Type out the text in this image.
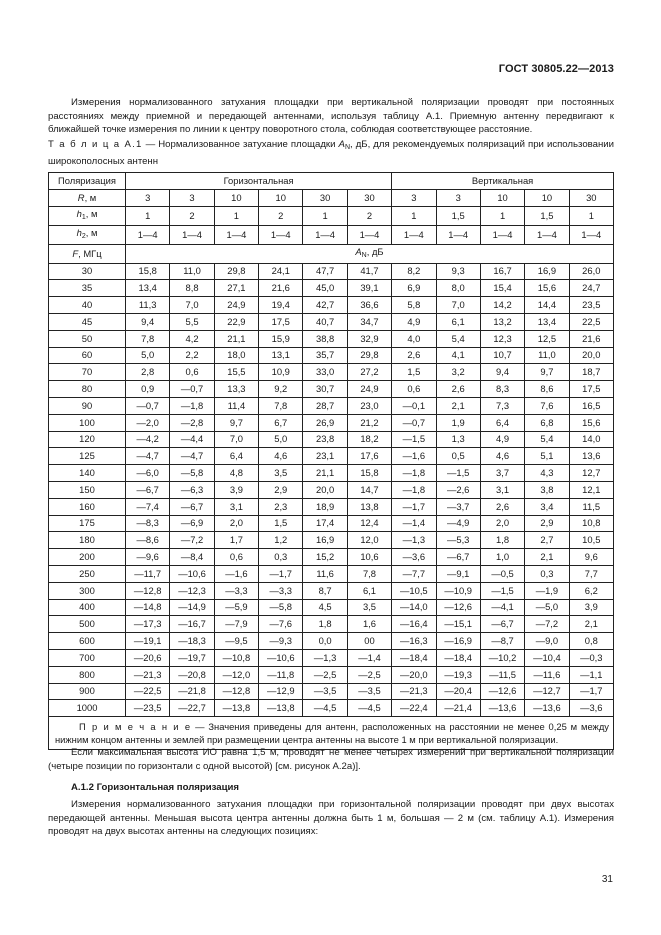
ГОСТ 30805.22—2013
Измерения нормализованного затухания площадки при вертикальной поляризации проводят при постоянных расстояниях между приемной и передающей антеннами, используя таблицу А.1. Приемную антенну передвигают к ближайшей точке измерения по линии к центру поворотного стола, соблюдая соответствующее расстояние.
Т а б л и ц а А.1 — Нормализованное затухание площадки $A_N$, дБ, для рекомендуемых поляризаций при использовании широкополосных антенн
Поляризация	Горизонтальная						Вертикальная				
R, м	3	3	10	10	30	30	3	3	10	10	30
$h_1$, м	1	2	1	2	1	2	1	1,5	1	1,5	1
$h_2$, м	1—4	1—4	1—4	1—4	1—4	1—4	1—4	1—4	1—4	1—4	1—4
F, МГц	$A_N$, дБ										
30	15,8	11,0	29,8	24,1	47,7	41,7	8,2	9,3	16,7	16,9	26,0
35	13,4	8,8	27,1	21,6	45,0	39,1	6,9	8,0	15,4	15,6	24,7
40	11,3	7,0	24,9	19,4	42,7	36,6	5,8	7,0	14,2	14,4	23,5
45	9,4	5,5	22,9	17,5	40,7	34,7	4,9	6,1	13,2	13,4	22,5
50	7,8	4,2	21,1	15,9	38,8	32,9	4,0	5,4	12,3	12,5	21,6
60	5,0	2,2	18,0	13,1	35,7	29,8	2,6	4,1	10,7	11,0	20,0
70	2,8	0,6	15,5	10,9	33,0	27,2	1,5	3,2	9,4	9,7	18,7
80	0,9	—0,7	13,3	9,2	30,7	24,9	0,6	2,6	8,3	8,6	17,5
90	—0,7	—1,8	11,4	7,8	28,7	23,0	—0,1	2,1	7,3	7,6	16,5
100	—2,0	—2,8	9,7	6,7	26,9	21,2	—0,7	1,9	6,4	6,8	15,6
120	—4,2	—4,4	7,0	5,0	23,8	18,2	—1,5	1,3	4,9	5,4	14,0
125	—4,7	—4,7	6,4	4,6	23,1	17,6	—1,6	0,5	4,6	5,1	13,6
140	—6,0	—5,8	4,8	3,5	21,1	15,8	—1,8	—1,5	3,7	4,3	12,7
150	—6,7	—6,3	3,9	2,9	20,0	14,7	—1,8	—2,6	3,1	3,8	12,1
160	—7,4	—6,7	3,1	2,3	18,9	13,8	—1,7	—3,7	2,6	3,4	11,5
175	—8,3	—6,9	2,0	1,5	17,4	12,4	—1,4	—4,9	2,0	2,9	10,8
180	—8,6	—7,2	1,7	1,2	16,9	12,0	—1,3	—5,3	1,8	2,7	10,5
200	—9,6	—8,4	0,6	0,3	15,2	10,6	—3,6	—6,7	1,0	2,1	9,6
250	—11,7	—10,6	—1,6	—1,7	11,6	7,8	—7,7	—9,1	—0,5	0,3	7,7
300	—12,8	—12,3	—3,3	—3,3	8,7	6,1	—10,5	—10,9	—1,5	—1,9	6,2
400	—14,8	—14,9	—5,9	—5,8	4,5	3,5	—14,0	—12,6	—4,1	—5,0	3,9
500	—17,3	—16,7	—7,9	—7,6	1,8	1,6	—16,4	—15,1	—6,7	—7,2	2,1
600	—19,1	—18,3	—9,5	—9,3	0,0	00	—16,3	—16,9	—8,7	—9,0	0,8
700	—20,6	—19,7	—10,8	—10,6	—1,3	—1,4	—18,4	—18,4	—10,2	—10,4	—0,3
800	—21,3	—20,8	—12,0	—11,8	—2,5	—2,5	—20,0	—19,3	—11,5	—11,6	—1,1
900	—22,5	—21,8	—12,8	—12,9	—3,5	—3,5	—21,3	—20,4	—12,6	—12,7	—1,7
1000	—23,5	—22,7	—13,8	—13,8	—4,5	—4,5	—22,4	—21,4	—13,6	—13,6	—3,6
П р и м е ч а н и е — Значения приведены для антенн, расположенных на расстоянии не менее 0,25 м между нижним концом антенны и землей при размещении центра антенны на высоте 1 м при вертикальной поляризации.											
Если максимальная высота ИО равна 1,5 м, проводят не менее четырех измерений при вертикальной поляризации (четыре позиции по горизонтали с одной высотой) [см. рисунок А.2а)].
А.1.2 Горизонтальная поляризация
Измерения нормализованного затухания площадки при горизонтальной поляризации проводят при двух высотах передающей антенны. Меньшая высота центра антенны должна быть 1 м, большая — 2 м (см. таблицу А.1). Измерения проводят на двух высотах антенны на следующих позициях:
31
